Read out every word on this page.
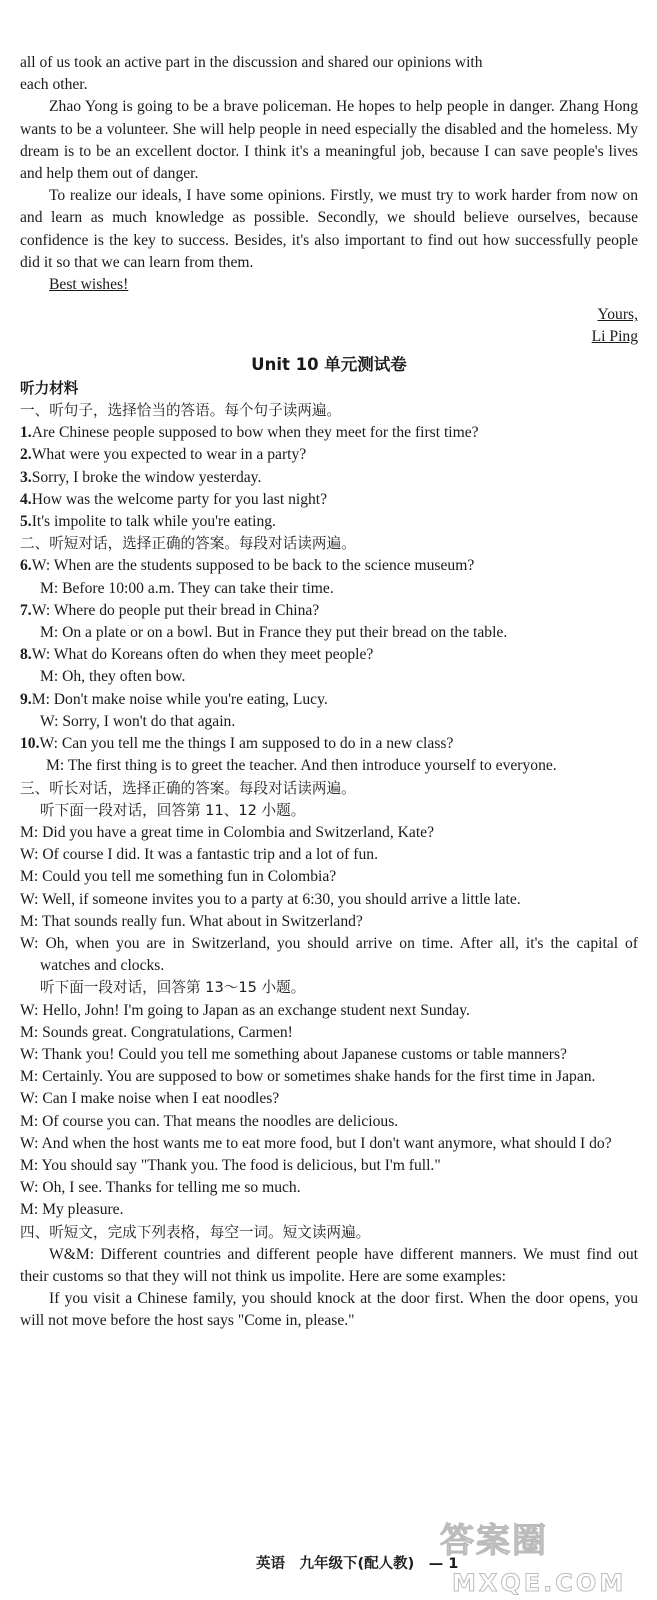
all of us took an active part in the discussion and shared our opinions with

each other.

Zhao Yong is going to be a brave policeman. He hopes to help people in danger. Zhang Hong wants to be a volunteer. She will help people in need especially the disabled and the homeless. My dream is to be an excellent doctor. I think it's a meaningful job, because I can save people's lives and help them out of danger.

To realize our ideals, I have some opinions. Firstly, we must try to work harder from now on and learn as much knowledge as possible. Secondly, we should believe ourselves, because confidence is the key to success. Besides, it's also important to find out how successfully people did it so that we can learn from them.

Best wishes!

Yours,

Li Ping

Unit 10 单元测试卷

听力材料

一、听句子，选择恰当的答语。每个句子读两遍。

1.Are Chinese people supposed to bow when they meet for the first time?

2.What were you expected to wear in a party?

3.Sorry, I broke the window yesterday.

4.How was the welcome party for you last night?

5.It's impolite to talk while you're eating.

二、听短对话，选择正确的答案。每段对话读两遍。

6.W: When are the students supposed to be back to the science museum?

M: Before 10:00 a.m. They can take their time.

7.W: Where do people put their bread in China?

M: On a plate or on a bowl. But in France they put their bread on the table.

8.W: What do Koreans often do when they meet people?

M: Oh, they often bow.

9.M: Don't make noise while you're eating, Lucy.

W: Sorry, I won't do that again.

10.W: Can you tell me the things I am supposed to do in a new class?

M: The first thing is to greet the teacher. And then introduce yourself to everyone.

三、听长对话，选择正确的答案。每段对话读两遍。

听下面一段对话，回答第 11、12 小题。

M: Did you have a great time in Colombia and Switzerland, Kate?

W: Of course I did. It was a fantastic trip and a lot of fun.

M: Could you tell me something fun in Colombia?

W: Well, if someone invites you to a party at 6:30, you should arrive a little late.

M: That sounds really fun. What about in Switzerland?

W: Oh, when you are in Switzerland, you should arrive on time. After all, it's the capital of watches and clocks.

听下面一段对话，回答第 13～15 小题。

W: Hello, John! I'm going to Japan as an exchange student next Sunday.

M: Sounds great. Congratulations, Carmen!

W: Thank you! Could you tell me something about Japanese customs or table manners?

M: Certainly. You are supposed to bow or sometimes shake hands for the first time in Japan.

W: Can I make noise when I eat noodles?

M: Of course you can. That means the noodles are delicious.

W: And when the host wants me to eat more food, but I don't want anymore, what should I do?

M: You should say "Thank you. The food is delicious, but I'm full."

W: Oh, I see. Thanks for telling me so much.

M: My pleasure.

四、听短文，完成下列表格，每空一词。短文读两遍。

W&M: Different countries and different people have different manners. We must find out their customs so that they will not think us impolite. Here are some examples:

If you visit a Chinese family, you should knock at the door first. When the door opens, you will not move before the host says "Come in, please."

英语　九年级下(配人教)　— 1
答案圈
MXQE.COM
